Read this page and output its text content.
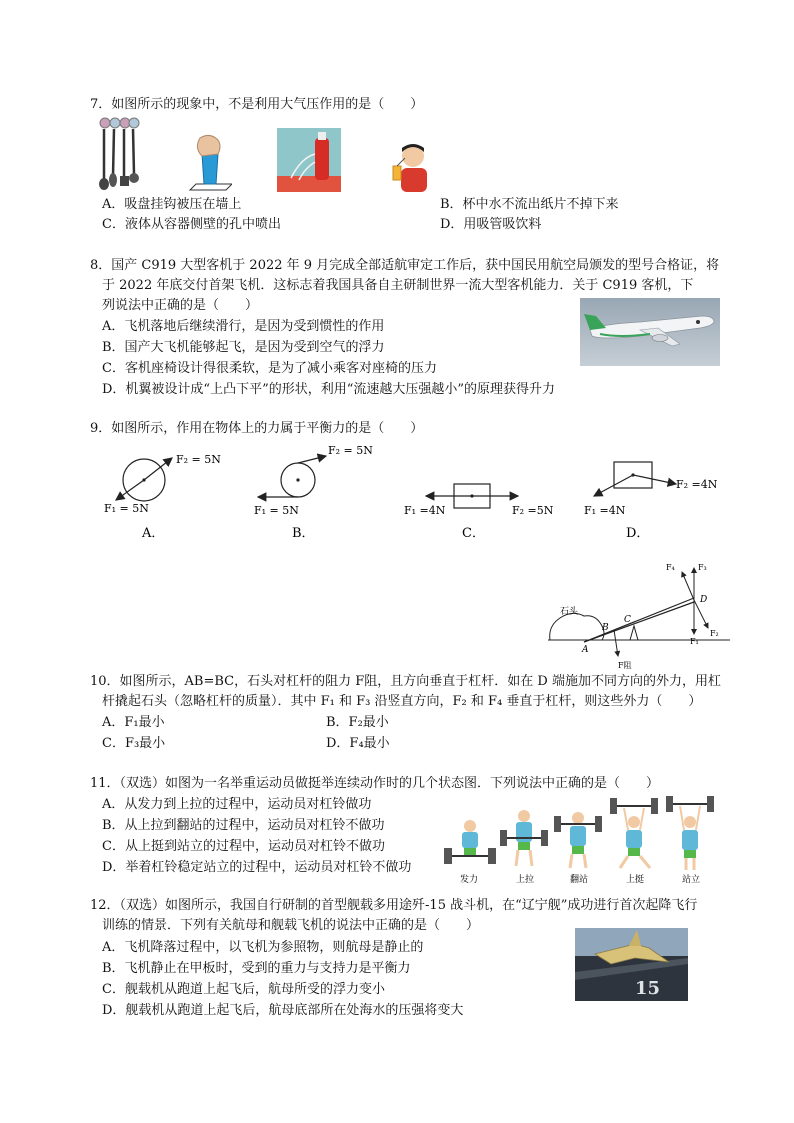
7．如图所示的现象中，不是利用大气压作用的是（　　）
A．吸盘挂钩被压在墙上	B．杯中水不流出纸片不掉下来
C．液体从容器侧壁的孔中喷出	D．用吸管吸饮料
8．国产 C919 大型客机于 2022 年 9 月完成全部适航审定工作后，获中国民用航空局颁发的型号合格证，将
于 2022 年底交付首架飞机．这标志着我国具备自主研制世界一流大型客机能力．关于 C919 客机，下
列说法中正确的是（　　）
A．飞机落地后继续滑行，是因为受到惯性的作用
B．国产大飞机能够起飞，是因为受到空气的浮力
C．客机座椅设计得很柔软，是为了减小乘客对座椅的压力
D．机翼被设计成“上凸下平”的形状，利用“流速越大压强越小”的原理获得升力
9．如图所示，作用在物体上的力属于平衡力的是（　　）
F₂ = 5N
F₁ = 5N
A．
F₂ = 5N
F₁ = 5N
B．
F₁ =4N	F₂ =5N
C．
F₂ =4N
F₁ =4N
D．
石头
A
B
C
D
F₄	F₃
F₁
F₂
F阻
10．如图所示，AB=BC，石头对杠杆的阻力 F阻，且方向垂直于杠杆．如在 D 端施加不同方向的外力，用杠
杆撬起石头（忽略杠杆的质量）．其中 F₁ 和 F₃ 沿竖直方向，F₂ 和 F₄ 垂直于杠杆，则这些外力（　　）
A．F₁最小	B．F₂最小
C．F₃最小	D．F₄最小
11．（双选）如图为一名举重运动员做挺举连续动作时的几个状态图．下列说法中正确的是（　　）
A．从发力到上拉的过程中，运动员对杠铃做功
B．从上拉到翻站的过程中，运动员对杠铃不做功
C．从上挺到站立的过程中，运动员对杠铃不做功
D．举着杠铃稳定站立的过程中，运动员对杠铃不做功
发力	上拉	翻站	上挺	站立
12．（双选）如图所示，我国自行研制的首型舰载多用途歼-15 战斗机，在“辽宁舰”成功进行首次起降飞行
训练的情景．下列有关航母和舰载飞机的说法中正确的是（　　）
A．飞机降落过程中，以飞机为参照物，则航母是静止的
B．飞机静止在甲板时，受到的重力与支持力是平衡力
C．舰载机从跑道上起飞后，航母所受的浮力变小
D．舰载机从跑道上起飞后，航母底部所在处海水的压强将变大
15
